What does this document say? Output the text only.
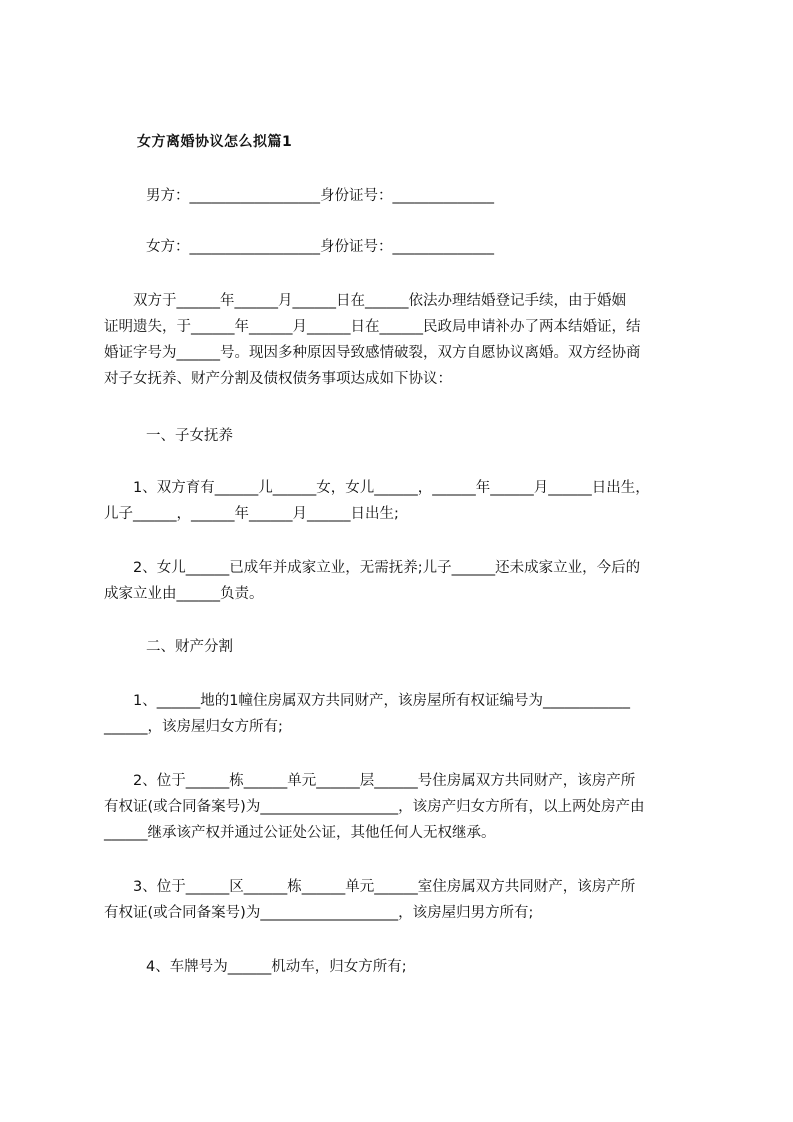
女方离婚协议怎么拟篇1
男方：__________________身份证号：______________
女方：__________________身份证号：______________
　　双方于______年______月______日在______依法办理结婚登记手续，由于婚姻
证明遗失，于______年______月______日在______民政局申请补办了两本结婚证，结
婚证字号为______号。现因多种原因导致感情破裂，双方自愿协议离婚。双方经协商
对子女抚养、财产分割及债权债务事项达成如下协议：
一、子女抚养
　　1、双方育有______儿______女，女儿______，______年______月______日出生，
儿子______，______年______月______日出生;
　　2、女儿______已成年并成家立业，无需抚养;儿子______还未成家立业，今后的
成家立业由______负责。
二、财产分割
　　1、______地的1幢住房属双方共同财产，该房屋所有权证编号为____________
______，该房屋归女方所有;
　　2、位于______栋______单元______层______号住房属双方共同财产，该房产所
有权证(或合同备案号)为___________________，该房产归女方所有，以上两处房产由
______继承该产权并通过公证处公证，其他任何人无权继承。
　　3、位于______区______栋______单元______室住房属双方共同财产，该房产所
有权证(或合同备案号)为___________________，该房屋归男方所有;
4、车牌号为______机动车，归女方所有;
